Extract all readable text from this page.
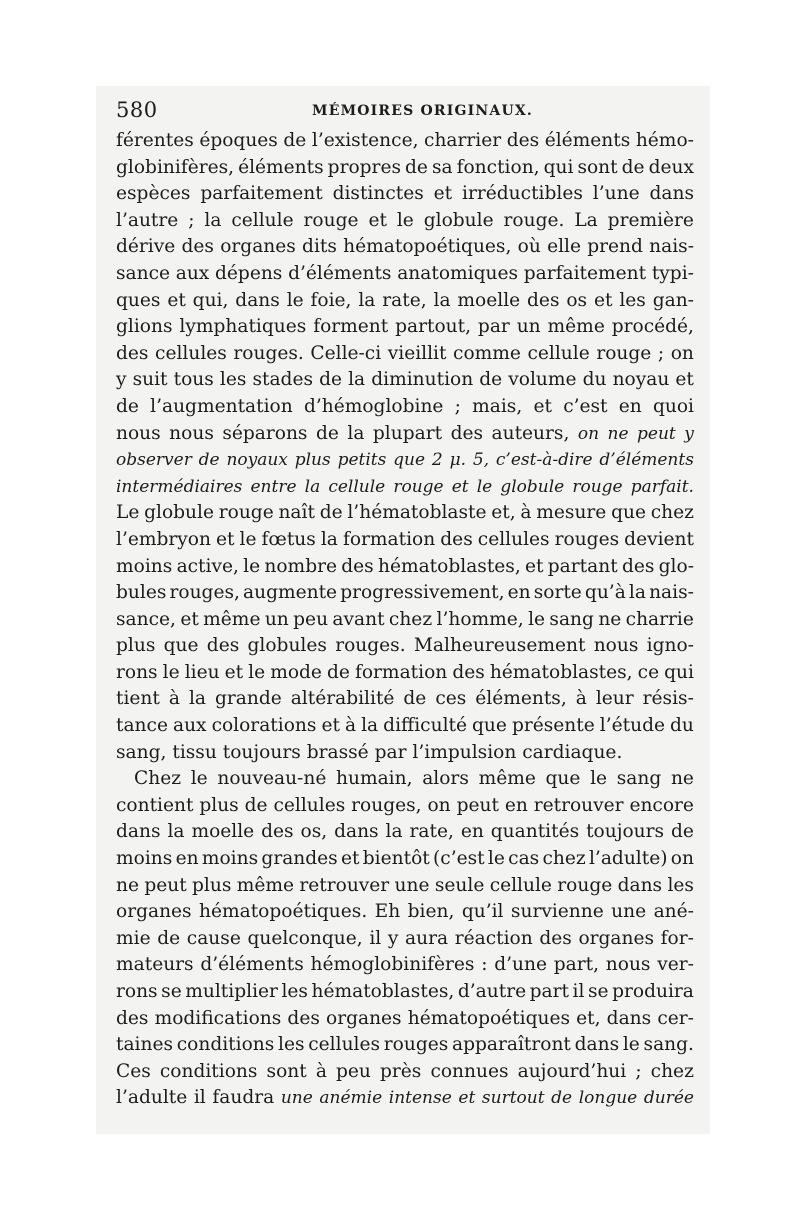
580	MÉMOIRES ORIGINAUX.
férentes époques de l’existence, charrier des éléments hémo-
globinifères, éléments propres de sa fonction, qui sont de deux
espèces parfaitement distinctes et irréductibles l’une dans
l’autre ; la cellule rouge et le globule rouge. La première
dérive des organes dits hématopoétiques, où elle prend nais-
sance aux dépens d’éléments anatomiques parfaitement typi-
ques et qui, dans le foie, la rate, la moelle des os et les gan-
glions lymphatiques forment partout, par un même procédé,
des cellules rouges. Celle-ci vieillit comme cellule rouge ; on
y suit tous les stades de la diminution de volume du noyau et
de l’augmentation d’hémoglobine ; mais, et c’est en quoi
nous nous séparons de la plupart des auteurs, on ne peut y
observer de noyaux plus petits que 2 μ. 5, c’est-à-dire d’éléments
intermédiaires entre la cellule rouge et le globule rouge parfait.
Le globule rouge naît de l’hématoblaste et, à mesure que chez
l’embryon et le fœtus la formation des cellules rouges devient
moins active, le nombre des hématoblastes, et partant des glo-
bules rouges, augmente progressivement, en sorte qu’à la nais-
sance, et même un peu avant chez l’homme, le sang ne charrie
plus que des globules rouges. Malheureusement nous igno-
rons le lieu et le mode de formation des hématoblastes, ce qui
tient à la grande altérabilité de ces éléments, à leur résis-
tance aux colorations et à la difficulté que présente l’étude du
sang,
tissu
toujours
brassé
par
l’impulsion
cardiaque.

Chez le nouveau-né humain, alors même que le sang ne
contient plus de cellules rouges, on peut en retrouver encore
dans la moelle des os, dans la rate, en quantités toujours de
moins en moins grandes et bientôt (c’est le cas chez l’adulte) on
ne peut plus même retrouver une seule cellule rouge dans les
organes hématopoétiques. Eh bien, qu’il survienne une ané-
mie de cause quelconque, il y aura réaction des organes for-
mateurs d’éléments hémoglobinifères : d’une part, nous ver-
rons se multiplier les hématoblastes, d’autre part il se produira
des modifications des organes hématopoétiques et, dans cer-
taines conditions les cellules rouges apparaîtront dans le sang.
Ces conditions sont à peu près connues aujourd’hui ; chez
l’adulte il faudra une anémie intense et surtout de longue durée
